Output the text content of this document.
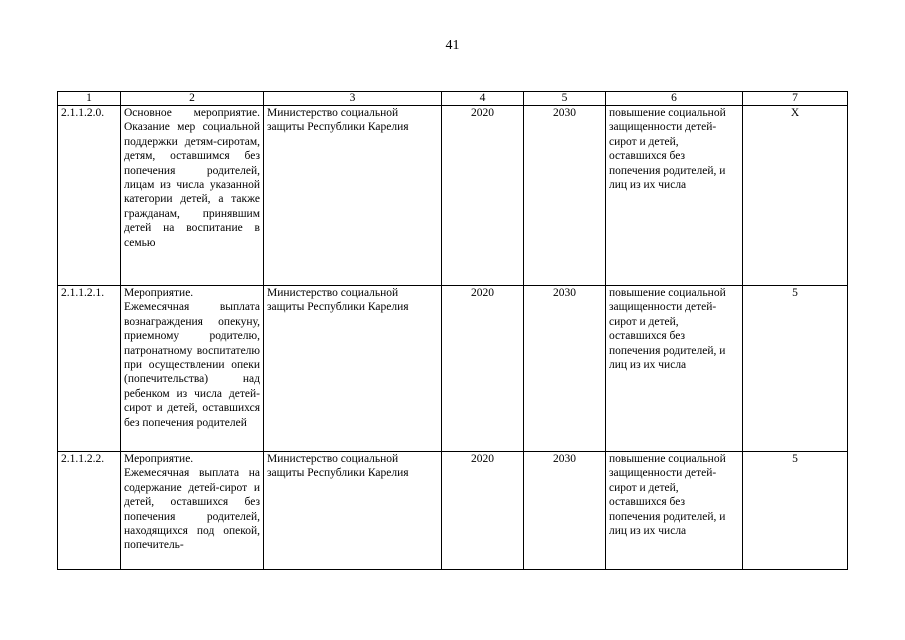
41
1	2	3	4	5	6	7
2.1.1.2.0.	Основное мероприятие. Оказание мер социальной поддержки детям-сиротам, детям, оставшимся без попечения родителей, лицам из числа указанной категории детей, а также гражданам, принявшим детей на воспитание в семью	Министерство социальной защиты Республики Карелия	2020	2030	повышение социальной защищенности детей-сирот и детей, оставшихся без попечения родителей, и лиц из их числа	Х
2.1.1.2.1.	Мероприятие. Ежемесячная выплата вознаграждения опекуну, приемному родителю, патронатному воспитателю при осуществлении опеки (попечительства) над ребенком из числа детей-сирот и детей, оставшихся без попечения родителей	Министерство социальной защиты Республики Карелия	2020	2030	повышение социальной защищенности детей-сирот и детей, оставшихся без попечения родителей, и лиц из их числа	5
2.1.1.2.2.	Мероприятие. Ежемесячная выплата на содержание детей-сирот и детей, оставшихся без попечения родителей, находящихся под опекой, попечитель-	Министерство социальной защиты Республики Карелия	2020	2030	повышение социальной защищенности детей-сирот и детей, оставшихся без попечения родителей, и лиц из их числа	5
